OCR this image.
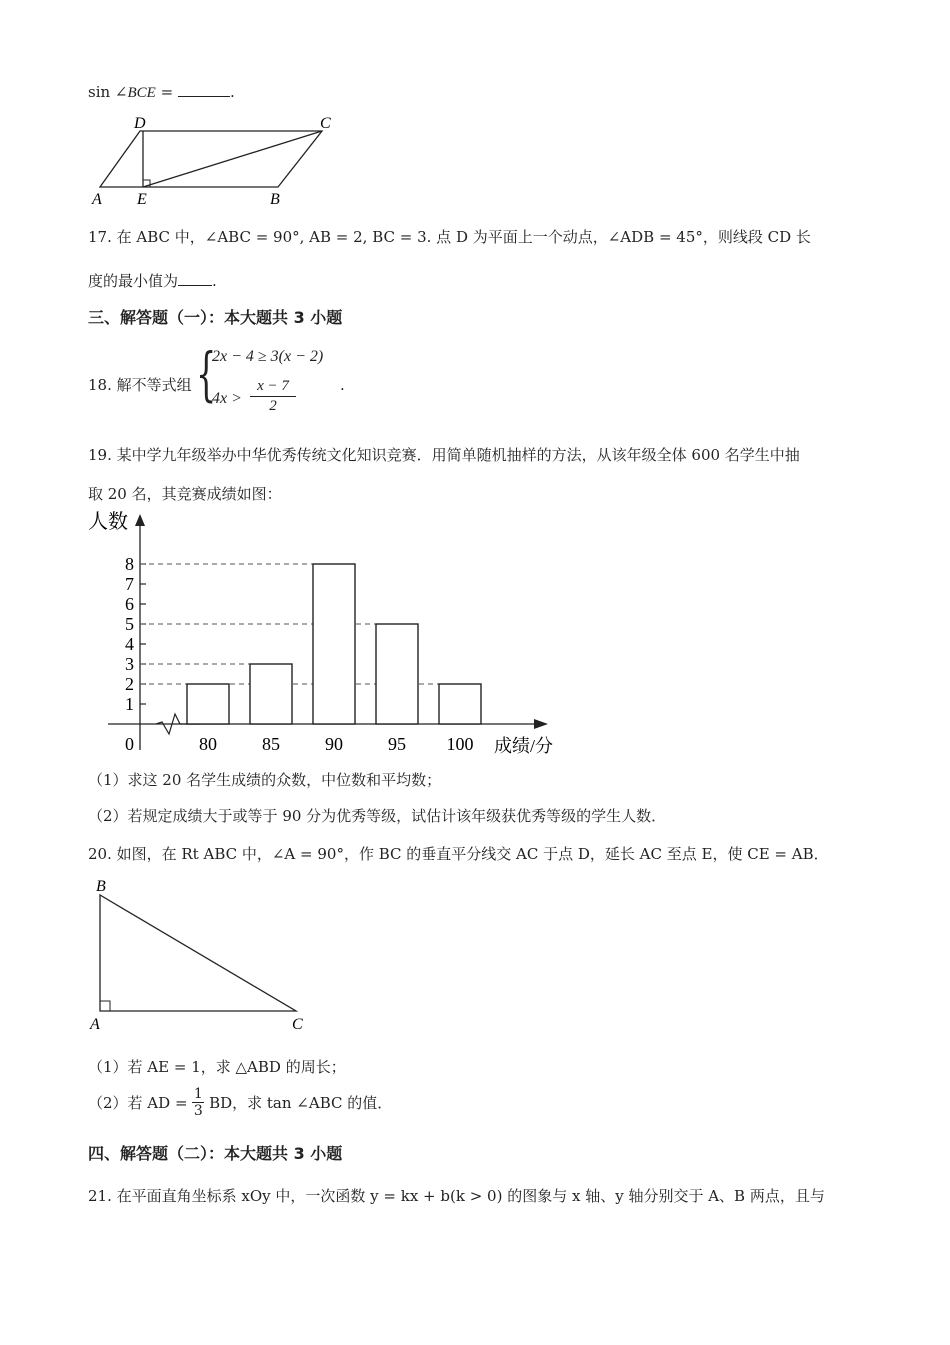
sin ∠BCE =	.
D	C
A E	B
17. 在 ABC 中，∠ABC = 90°, AB = 2, BC = 3. 点 D 为平面上一个动点，∠ADB = 45°，则线段 CD 长
度的最小值为 .
三、解答题（一）：本大题共 3 小题
18. 解不等式组 {
2x − 4 ≥ 3(x − 2)
$4x > \frac{x - 7}{2}$	.
19. 某中学九年级举办中华优秀传统文化知识竞赛．用简单随机抽样的方法，从该年级全体 600 名学生中抽
取 20 名，其竞赛成绩如图：
1
2
3
4
5
6
7
8
0	80	85	90	95 100
人数
成绩/分
（1）求这 20 名学生成绩的众数，中位数和平均数；
（2）若规定成绩大于或等于 90 分为优秀等级，试估计该年级获优秀等级的学生人数．
20. 如图，在 Rt ABC 中，∠A = 90°，作 BC 的垂直平分线交 AC 于点 D，延长 AC 至点 E，使 CE = AB．
B
A	C
（1）若 AE = 1，求 △ABD 的周长；
（2）若 AD = $\frac{1}{3}$ BD，求 tan ∠ABC 的值．
四、解答题（二）：本大题共 3 小题
21. 在平面直角坐标系 xOy 中，一次函数 y = kx + b(k > 0) 的图象与 x 轴、y 轴分别交于 A、B 两点，且与
